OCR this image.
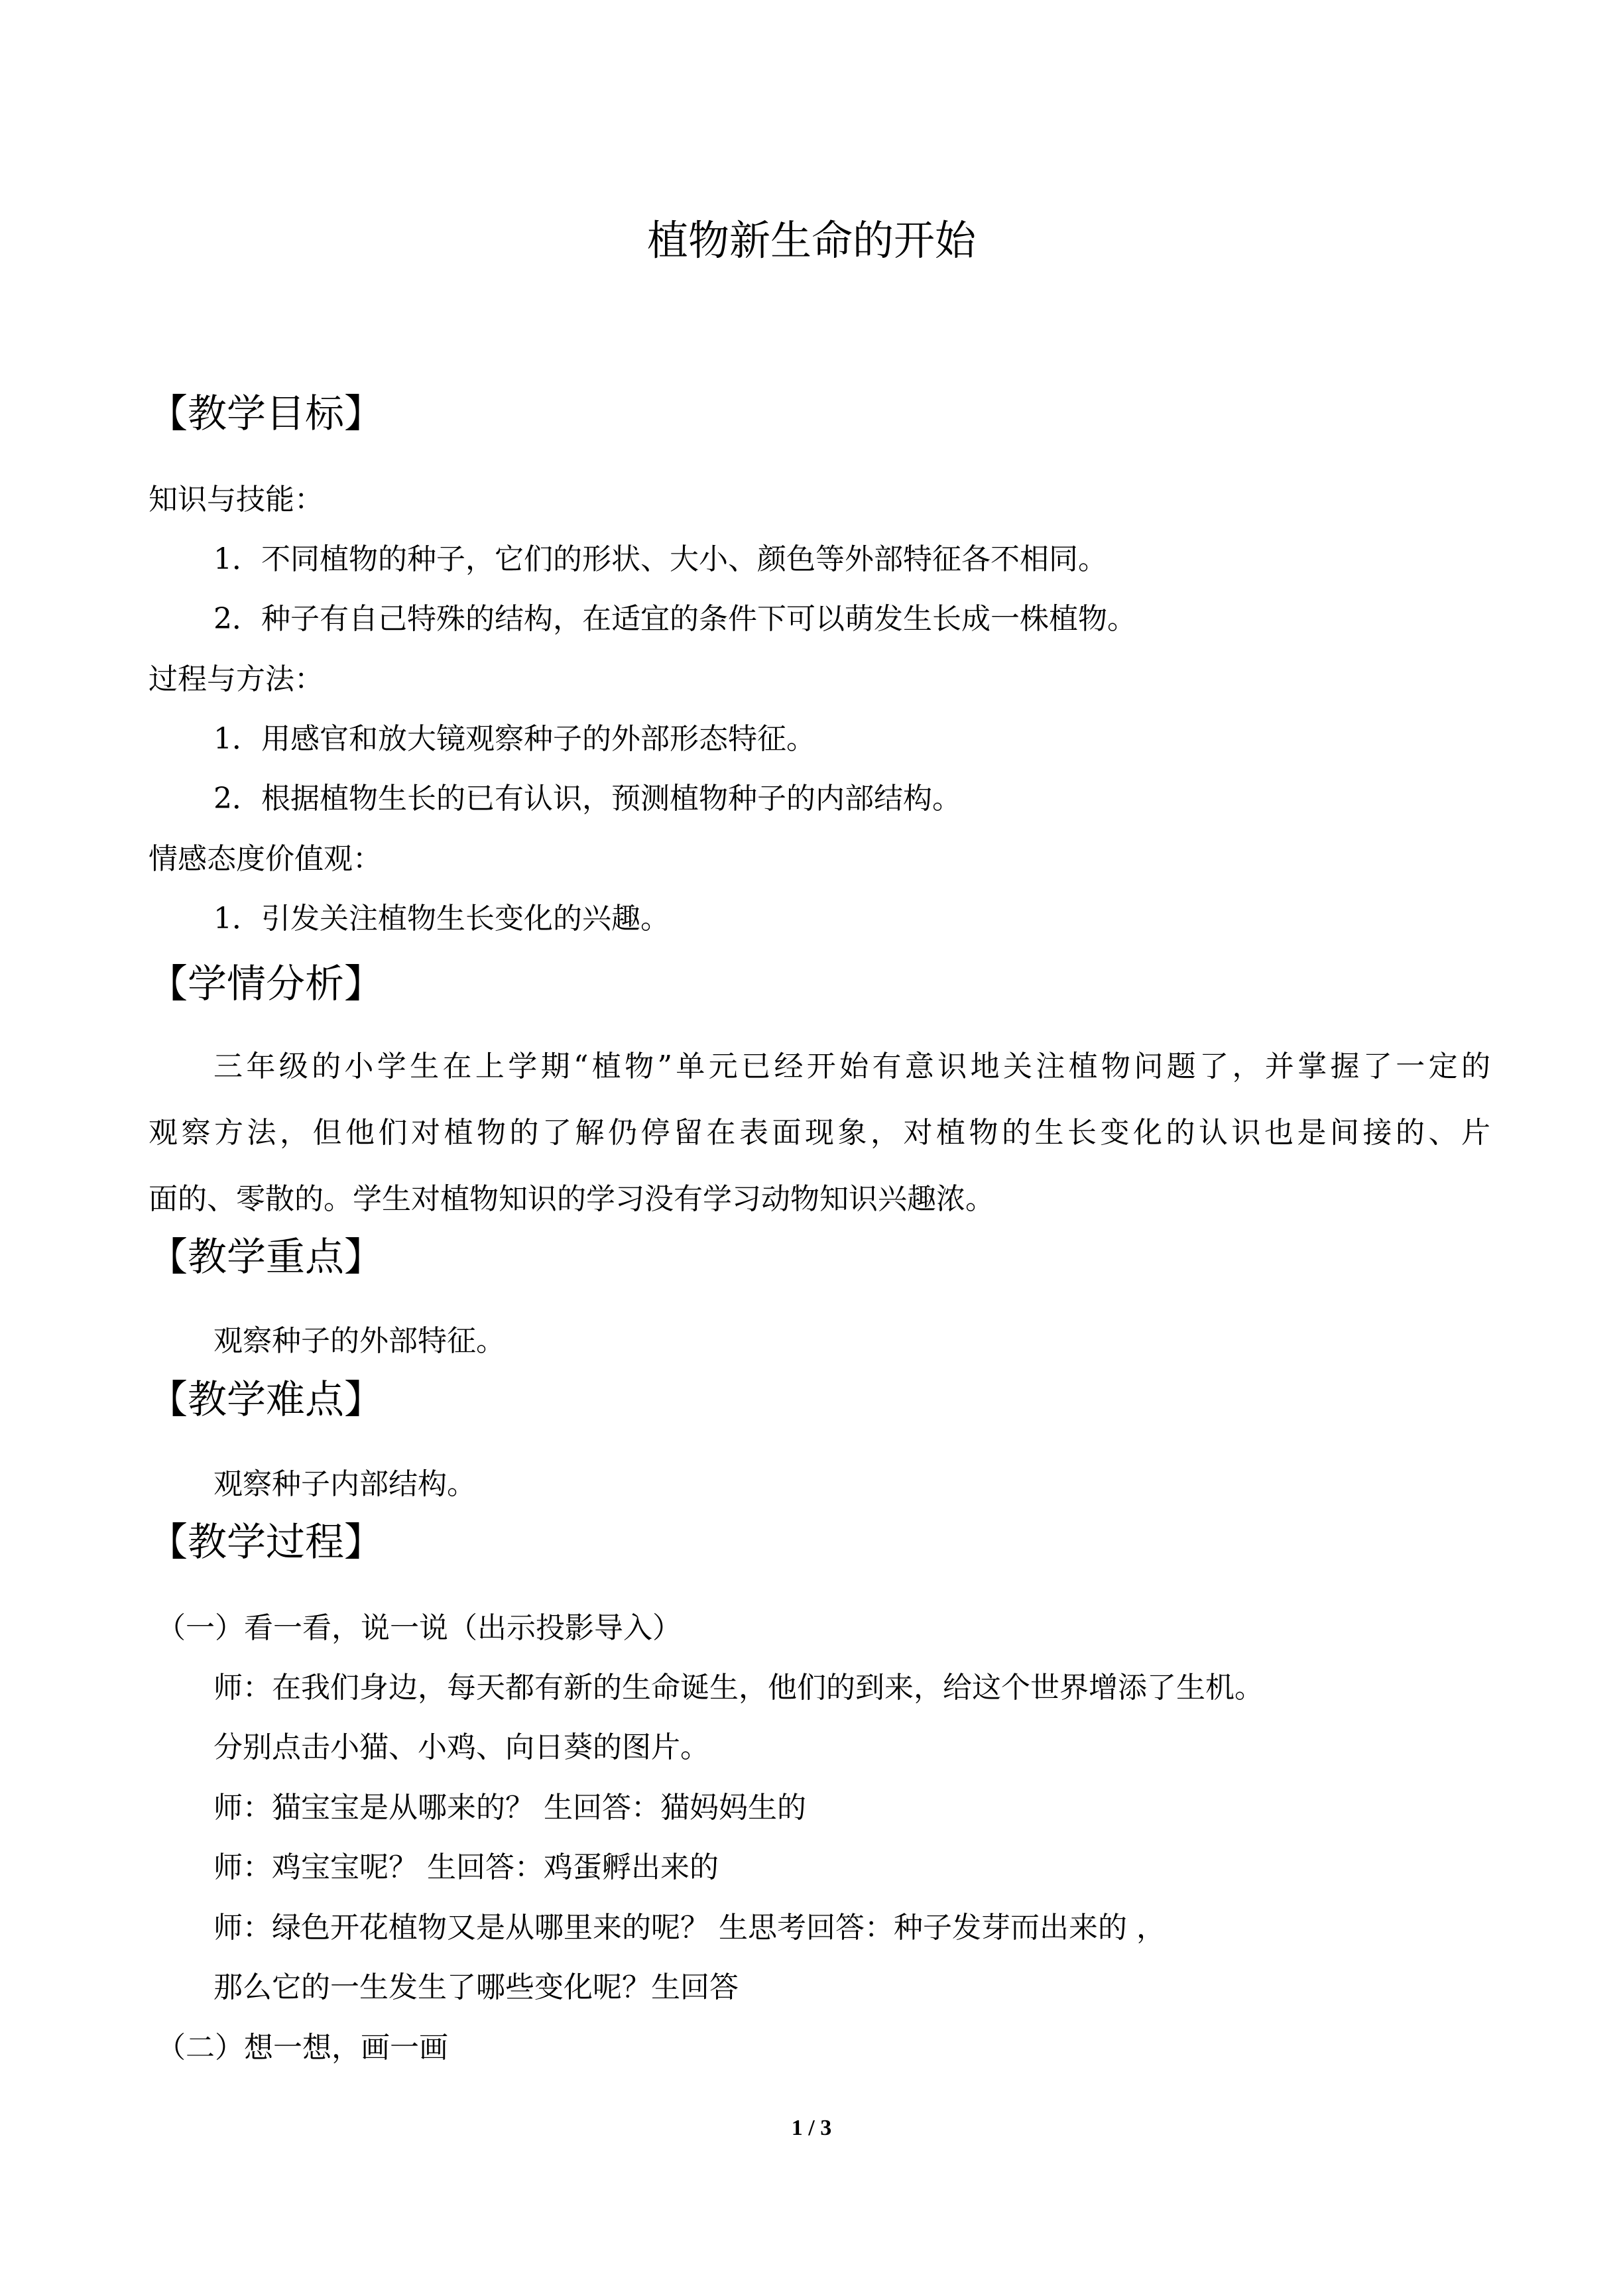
植物新生命的开始
【教学目标】

知识与技能：

1．不同植物的种子，它们的形状、大小、颜色等外部特征各不相同。

2．种子有自己特殊的结构，在适宜的条件下可以萌发生长成一株植物。

过程与方法：

1．用感官和放大镜观察种子的外部形态特征。

2．根据植物生长的已有认识，预测植物种子的内部结构。

情感态度价值观：

1．引发关注植物生长变化的兴趣。

【学情分析】

三年级的小学生在上学期“植物”单元已经开始有意识地关注植物问题了，并掌握了一定的

观察方法，但他们对植物的了解仍停留在表面现象，对植物的生长变化的认识也是间接的、片

面的、零散的。学生对植物知识的学习没有学习动物知识兴趣浓。

【教学重点】

观察种子的外部特征。

【教学难点】

观察种子内部结构。

【教学过程】

（一）看一看，说一说（出示投影导入）

师：在我们身边，每天都有新的生命诞生，他们的到来，给这个世界增添了生机。

分别点击小猫、小鸡、向日葵的图片。

师：猫宝宝是从哪来的？ 生回答：猫妈妈生的

师：鸡宝宝呢？ 生回答：鸡蛋孵出来的

师：绿色开花植物又是从哪里来的呢？ 生思考回答：种子发芽而出来的 ，

那么它的一生发生了哪些变化呢？生回答

（二）想一想，画一画

1 / 3
